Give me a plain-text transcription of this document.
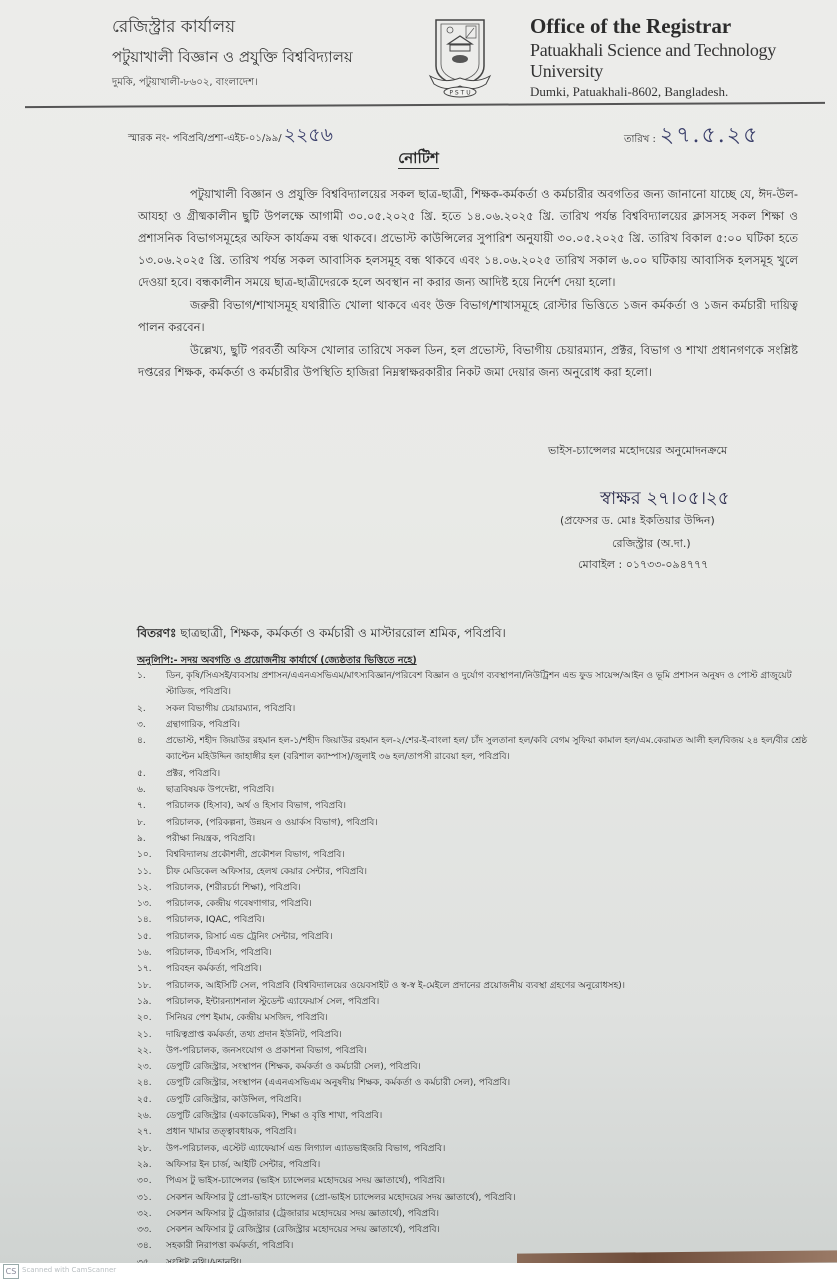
রেজিস্ট্রার কার্যালয়
পটুয়াখালী বিজ্ঞান ও প্রযুক্তি বিশ্ববিদ্যালয়
দুমকি, পটুয়াখালী-৮৬০২, বাংলাদেশ।
P S T U
Office of the Registrar
Patuakhali Science and Technology University
Dumki, Patuakhali-8602, Bangladesh.
স্মারক নং- পবিপ্রবি/প্রশা-এইচ-০১/৯৯/ ২২৫৬	তারিখ : ২৭.৫.২৫
নোটিশ

পটুয়াখালী বিজ্ঞান ও প্রযুক্তি বিশ্ববিদ্যালয়ের সকল ছাত্র-ছাত্রী, শিক্ষক-কর্মকর্তা ও কর্মচারীর অবগতির জন্য জানানো যাচ্ছে যে, ঈদ-উল-আযহা ও গ্রীষ্মকালীন ছুটি উপলক্ষে আগামী ৩০.০৫.২০২৫ খ্রি. হতে ১৪.০৬.২০২৫ খ্রি. তারিখ পর্যন্ত বিশ্ববিদ্যালয়ের ক্লাসসহ সকল শিক্ষা ও প্রশাসনিক বিভাগসমূহের অফিস কার্যক্রম বন্ধ থাকবে। প্রভোস্ট কাউন্সিলের সুপারিশ অনুযায়ী ৩০.০৫.২০২৫ খ্রি. তারিখ বিকাল ৫:০০ ঘটিকা হতে ১৩.০৬.২০২৫ খ্রি. তারিখ পর্যন্ত সকল আবাসিক হলসমূহ বন্ধ থাকবে এবং ১৪.০৬.২০২৫ তারিখ সকাল ৬.০০ ঘটিকায় আবাসিক হলসমূহ খুলে দেওয়া হবে। বন্ধকালীন সময়ে ছাত্র-ছাত্রীদেরকে হলে অবস্থান না করার জন্য আদিষ্ট হয়ে নির্দেশ দেয়া হলো।

জরুরী বিভাগ/শাখাসমূহ যথারীতি খোলা থাকবে এবং উক্ত বিভাগ/শাখাসমূহে রোস্টার ভিত্তিতে ১জন কর্মকর্তা ও ১জন কর্মচারী দায়িত্ব পালন করবেন।

উল্লেখ্য, ছুটি পরবর্তী অফিস খোলার তারিখে সকল ডিন, হল প্রভোস্ট, বিভাগীয় চেয়ারম্যান, প্রক্টর, বিভাগ ও শাখা প্রধানগণকে সংশ্লিষ্ট দপ্তরের শিক্ষক, কর্মকর্তা ও কর্মচারীর উপস্থিতি হাজিরা নিম্নস্বাক্ষরকারীর নিকট জমা দেয়ার জন্য অনুরোধ করা হলো।

ভাইস-চ্যান্সেলর মহোদয়ের অনুমোদনক্রমে
স্বাক্ষর ২৭।০৫।২৫
(প্রফেসর ড. মোঃ ইকতিয়ার উদ্দিন)
রেজিস্ট্রার (অ.দা.)
মোবাইল : ০১৭৩৩-০৯৪৭৭৭
বিতরণঃ ছাত্রছাত্রী, শিক্ষক, কর্মকর্তা ও কর্মচারী ও মাস্টাররোল শ্রমিক, পবিপ্রবি।
অনুলিপি:- সদয় অবগতি ও প্রয়োজনীয় কার্যার্থে (জ্যেষ্ঠতার ভিত্তিতে নহে)
১.	ডিন, কৃষি/সিএসই/ব্যবসায় প্রশাসন/এএনএসভিএম/মাৎস্যবিজ্ঞান/পরিবেশ বিজ্ঞান ও দুর্যোগ ব্যবস্থাপনা/নিউট্রিশন এন্ড ফুড সায়েন্স/আইন ও ভূমি প্রশাসন অনুষদ ও পোস্ট গ্রাজুয়েট স্টাডিজ, পবিপ্রবি।
২.	সকল বিভাগীয় চেয়ারম্যান, পবিপ্রবি।
৩.	গ্রন্থাগারিক, পবিপ্রবি।
৪.	প্রভোস্ট, শহীদ জিয়াউর রহমান হল-১/শহীদ জিয়াউর রহমান হল-২/শের-ই-বাংলা হল/ চাঁদ সুলতানা হল/কবি বেগম সুফিয়া কামাল হল/এম.কেরামত আলী হল/বিজয় ২৪ হল/বীর শ্রেষ্ঠ ক্যাপ্টেন মহিউদ্দিন জাহাঙ্গীর হল (বরিশাল ক্যাম্পাস)/জুলাই ৩৬ হল/তাপসী রাবেয়া হল, পবিপ্রবি।
৫.	প্রক্টর, পবিপ্রবি।
৬.	ছাত্রবিষয়ক উপদেষ্টা, পবিপ্রবি।
৭.	পরিচালক (হিসাব), অর্থ ও হিসাব বিভাগ, পবিপ্রবি।
৮.	পরিচালক, (পরিকল্পনা, উন্নয়ন ও ওয়ার্কস বিভাগ), পবিপ্রবি।
৯.	পরীক্ষা নিয়ন্ত্রক, পবিপ্রবি।
১০.	বিশ্ববিদ্যালয় প্রকৌশলী, প্রকৌশল বিভাগ, পবিপ্রবি।
১১.	চীফ মেডিকেল অফিসার, হেলথ কেয়ার সেন্টার, পবিপ্রবি।
১২.	পরিচালক, (শরীরচর্চা শিক্ষা), পবিপ্রবি।
১৩.	পরিচালক, কেন্দ্রীয় গবেষণাগার, পবিপ্রবি।
১৪.	পরিচালক, IQAC, পবিপ্রবি।
১৫.	পরিচালক, রিসার্চ এন্ড ট্রেনিং সেন্টার, পবিপ্রবি।
১৬.	পরিচালক, টিএসসি, পবিপ্রবি।
১৭.	পরিবহন কর্মকর্তা, পবিপ্রবি।
১৮.	পরিচালক, আইসিটি সেল, পবিপ্রবি (বিশ্ববিদ্যালয়ের ওয়েবসাইট ও স্ব-স্ব ই-মেইলে প্রদানের প্রয়োজনীয় ব্যবস্থা গ্রহণের অনুরোধসহ)।
১৯.	পরিচালক, ইন্টারন্যাশনাল স্টুডেন্ট এ্যাফেয়ার্স সেল, পবিপ্রবি।
২০.	সিনিয়র পেশ ইমাম, কেন্দ্রীয় মসজিদ, পবিপ্রবি।
২১.	দায়িত্বপ্রাপ্ত কর্মকর্তা, তথ্য প্রদান ইউনিট, পবিপ্রবি।
২২.	উপ-পরিচালক, জনসংযোগ ও প্রকাশনা বিভাগ, পবিপ্রবি।
২৩.	ডেপুটি রেজিস্ট্রার, সংস্থাপন (শিক্ষক, কর্মকর্তা ও কর্মচারী সেল), পবিপ্রবি।
২৪.	ডেপুটি রেজিস্ট্রার, সংস্থাপন (এএনএসভিএম অনুষদীয় শিক্ষক, কর্মকর্তা ও কর্মচারী সেল), পবিপ্রবি।
২৫.	ডেপুটি রেজিস্ট্রার, কাউন্সিল, পবিপ্রবি।
২৬.	ডেপুটি রেজিস্ট্রার (একাডেমিক), শিক্ষা ও বৃত্তি শাখা, পবিপ্রবি।
২৭.	প্রধান খামার তত্ত্বাবধায়ক, পবিপ্রবি।
২৮.	উপ-পরিচালক, এস্টেট এ্যাফেয়ার্স এন্ড লিগ্যাল এ্যাডভাইজরি বিভাগ, পবিপ্রবি।
২৯.	অফিসার ইন চার্জ, আইটি সেন্টার, পবিপ্রবি।
৩০.	পিএস টু ভাইস-চ্যান্সেলর (ভাইস চ্যান্সেলর মহোদয়ের সদয় জ্ঞাতার্থে), পবিপ্রবি।
৩১.	সেকশন অফিসার টু প্রো-ভাইস চ্যান্সেলর (প্রো-ভাইস চ্যান্সেলর মহোদয়ের সদয় জ্ঞাতার্থে), পবিপ্রবি।
৩২.	সেকশন অফিসার টু ট্রেজারার (ট্রেজারার মহোদয়ের সদয় জ্ঞাতার্থে), পবিপ্রবি।
৩৩.	সেকশন অফিসার টু রেজিস্ট্রার (রেজিস্ট্রার মহোদয়ের সদয় জ্ঞাতার্থে), পবিপ্রবি।
৩৪.	সহকারী নিরাপত্তা কর্মকর্তা, পবিপ্রবি।
CS Scanned with CamScanner
